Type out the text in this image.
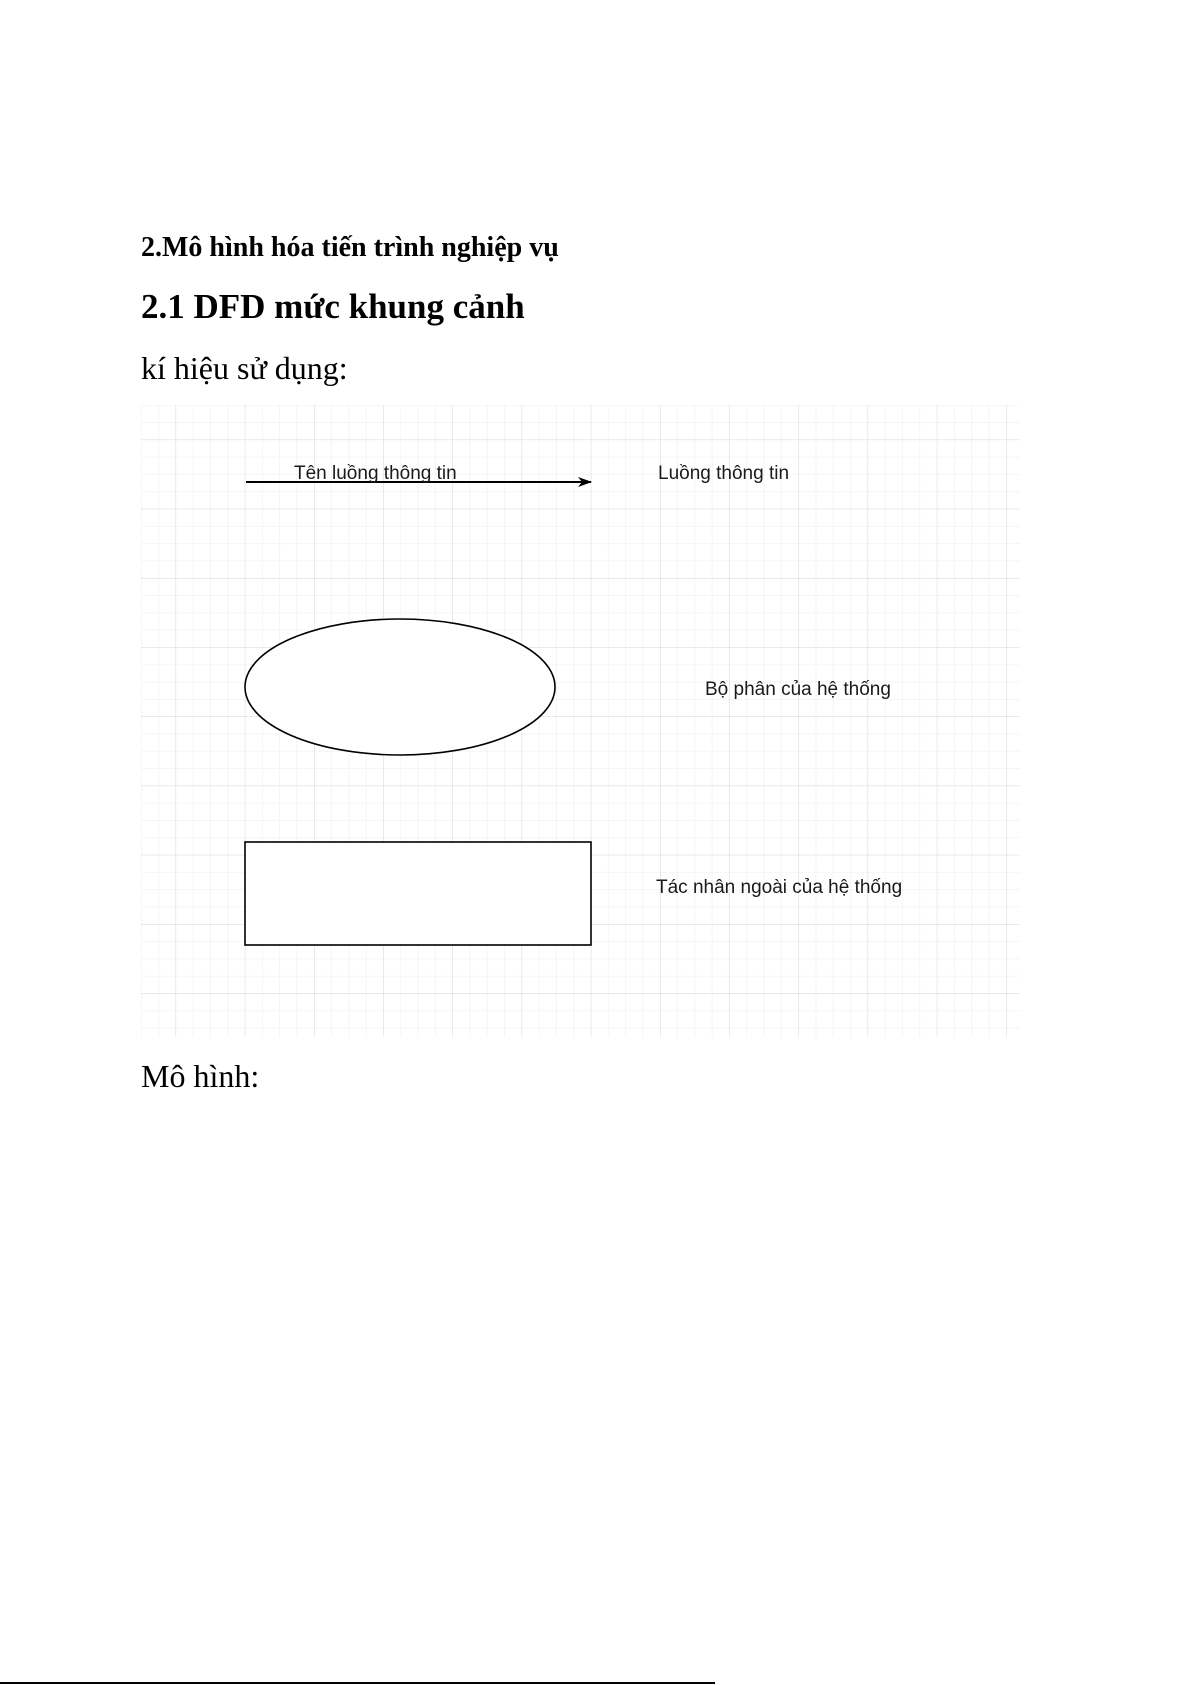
2.Mô hình hóa tiến trình nghiệp vụ
2.1 DFD mức khung cảnh

kí hiệu sử dụng:

Tên luồng thông tin	Luồng thông tin
Bộ phân của hệ thống
Tác nhân ngoài của hệ thống

Mô hình:
